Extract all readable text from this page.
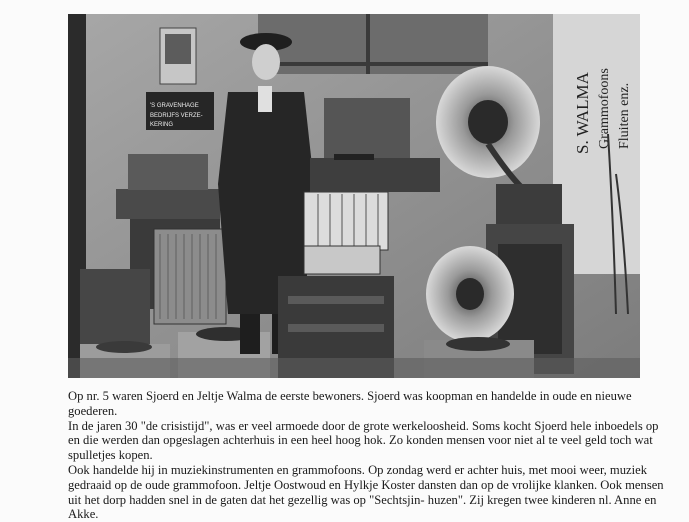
S. WALMA Grammofoons Fluiten enz.
'S GRAVENHAGE
BEDRIJFS VERZE-
KERING

Op nr. 5 waren Sjoerd en Jeltje Walma de eerste bewoners. Sjoerd was koopman en handelde in oude en nieuwe goederen.

In de jaren 30 "de crisistijd", was er veel armoede door de grote werkeloosheid. Soms kocht Sjoerd hele inboedels op en die werden dan opgeslagen achterhuis in een heel hoog hok. Zo konden mensen voor niet al te veel geld toch wat spulletjes kopen.

Ook handelde hij in muziekinstrumenten en grammofoons. Op zondag werd er achter huis, met mooi weer, muziek gedraaid op de oude grammofoon. Jeltje Oostwoud en Hylkje Koster dansten dan op de vrolijke klanken. Ook mensen uit het dorp hadden snel in de gaten dat het gezellig was op "Sechtsjin- huzen". Zij kregen twee kinderen nl. Anne en Akke.
